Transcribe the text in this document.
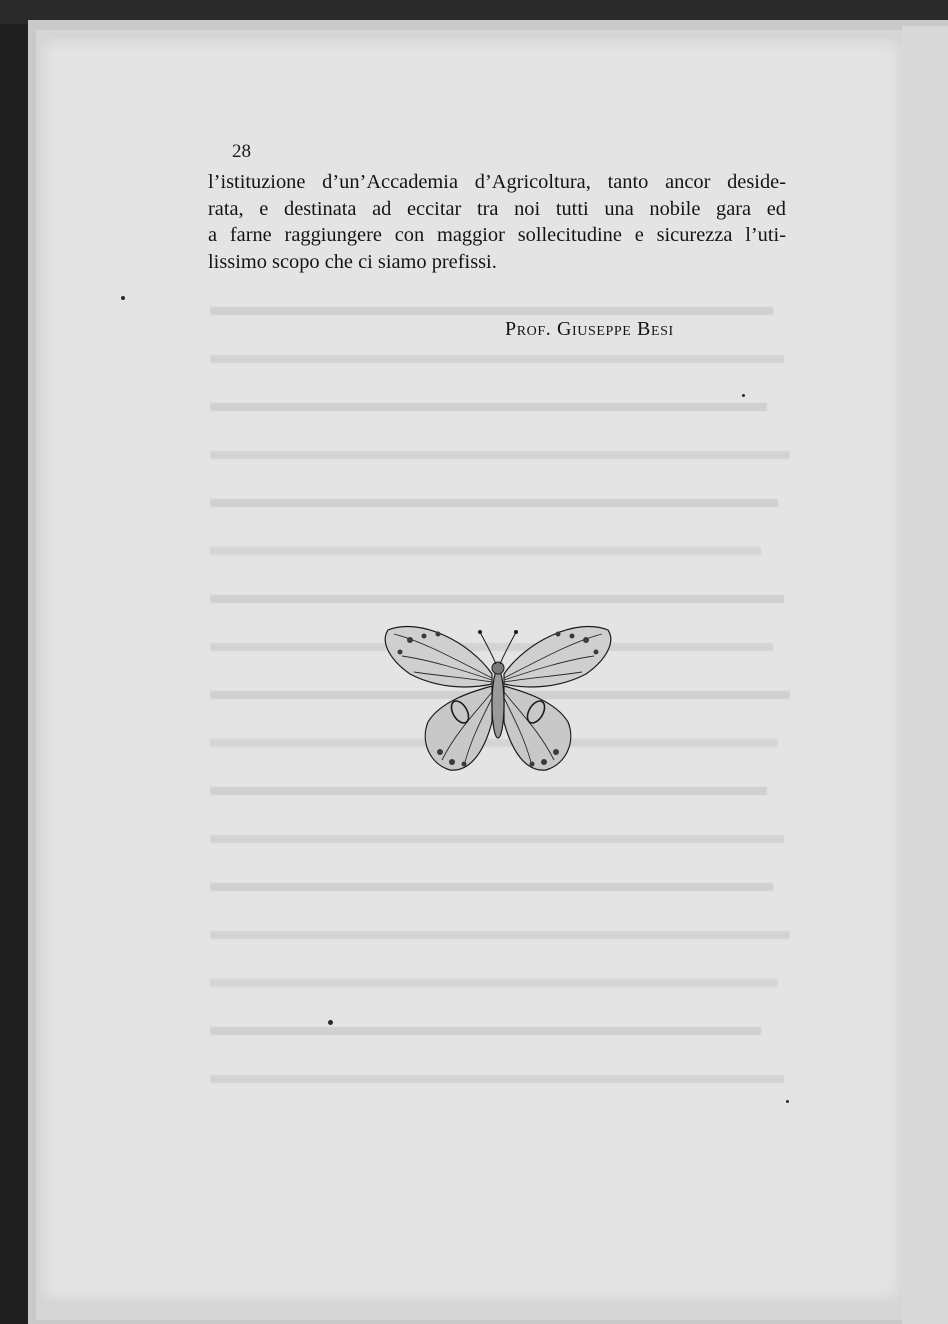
28
l’istituzione d’un’Accademia d’Agricoltura, tanto ancor deside-
rata, e destinata ad eccitar tra noi tutti una nobile gara ed
a farne raggiungere con maggior sollecitudine e sicurezza l’uti-
lissimo scopo che ci siamo prefissi.
Prof. Giuseppe Besi
